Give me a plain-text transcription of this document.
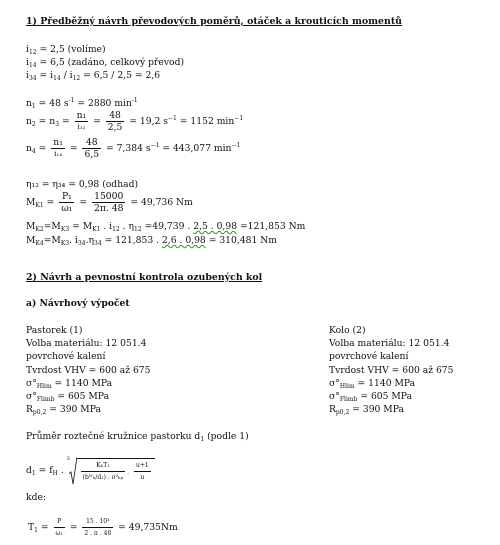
1) Předběžný návrh převodových poměrů, otáček a krouticích momentů
$i_{12} = 2,5$ (volíme)
$i_{14} = 6,5$ (zadáno, celkový převod)
$i_{34} = i_{14} / i_{12} = 6,5 / 2,5 = 2,6$
$n_1 = 48$ $s^{-1} = 2880$ $\min^{-1}$
$n_2 = n_3 = \frac{\text{n₁}}{\text{i₁₂}} = \frac{48}{2,5} = 19,2$ $s^{-1} = 1152$ $\min^{-1}$
$n_4 = \frac{\text{n₁}}{\text{i₁₄}} = \frac{48}{6,5} = 7,384$ $s^{-1} = 443,077$ $\min^{-1}$
η₁₂ = η₃₄ = 0,98 (odhad)
$M_{K1} = \frac{\text{P₁}}{\text{ω₁}} = \frac{15000}{2\pi. 48} = 49,736$ Nm
$M_{K2}=M_{K3} = M_{K1}$ . $i_{12}$ . $\eta_{12} =49,739$ . 2,5 . 0,98 =121,853 Nm
$M_{K4}=M_{K3}$. $i_{34}.\eta_{34} = 121,853$ . 2,6 . 0,98 = 310,481 Nm
2) Návrh a pevnostní kontrola ozubených kol
a) Návrhový výpočet
Pastorek (1)
Volba materiálu: 12 051.4
povrchové kalení
Tvrdost VHV = 600 až 675
$\sigma^\circ_{Hlim} = 1140$ MPa
$\sigma^\circ_{Flimb} = 605$ MPa
$R_{p0,2} = 390$ MPa
Kolo (2)
Volba materiálu: 12 051.4
povrchové kalení
Tvrdost VHV = 600 až 675
$\sigma^\circ_{Hlim} = 1140$ MPa
$\sigma^\circ_{Flimb} = 605$ MPa
$R_{p0,2} = 390$ MPa
Průměr roztečné kružnice pastorku $d_1$ (podle 1)
$d_1 = f_H$ .
3
$\frac{\text{KₕT₁}}{\text{(bᵂₕ/d₁) . σ²ₕₚ}}$ . $\frac{u+1}{u}$
kde:
$T_1 = \frac{P}{\text{ω₁}} = \frac{\text{15 . 10³}}{2 . \pi . 48} = 49,735Nm$
